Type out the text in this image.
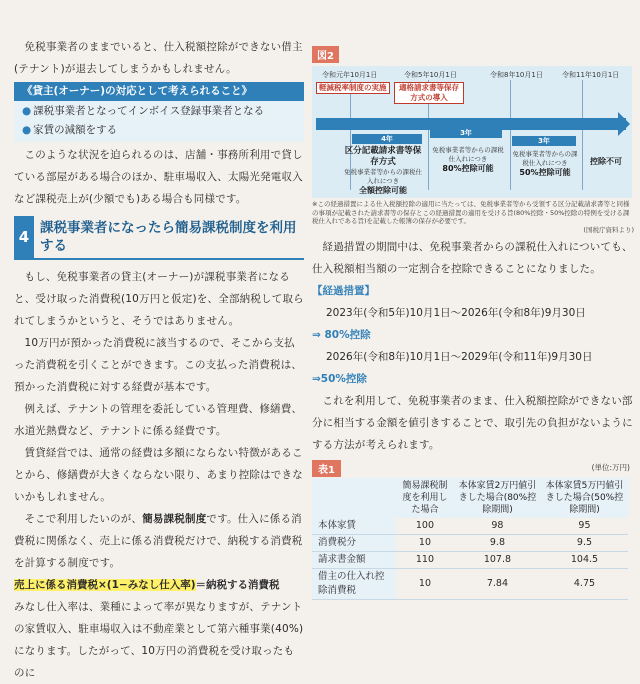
免税事業者のままでいると、仕入税額控除ができない借主(テナント)が退去してしまうかもしれません。

《貸主(オーナー)の対応として考えられること》
● 課税事業者となってインボイス登録事業者となる
● 家賃の減額をする

このような状況を迫られるのは、店舗・事務所利用で貸している部屋がある場合のほか、駐車場収入、太陽光発電収入など課税売上が(少額でも)ある場合も同様です。

4 課税事業者になったら簡易課税制度を利用する

もし、免税事業者の貸主(オーナー)が課税事業者になると、受け取った消費税(10万円と仮定)を、全部納税して取られてしまうかというと、そうではありません。

10万円が預かった消費税に該当するので、そこから支払った消費税を引くことができます。この支払った消費税は、預かった消費税に対する経費が基本です。

例えば、テナントの管理を委託している管理費、修繕費、水道光熱費など、テナントに係る経費です。

賃貸経営では、通常の経費は多額にならない特徴があることから、修繕費が大きくならない限り、あまり控除はできないかもしれません。

そこで利用したいのが、簡易課税制度です。仕入に係る消費税に関係なく、売上に係る消費税だけで、納税する消費税を計算する制度です。

売上に係る消費税×(1−みなし仕入率)＝納税する消費税

みなし仕入率は、業種によって率が異なりますが、テナントの家賃収入、駐車場収入は不動産業として第六種事業(40%)になります。したがって、10万円の消費税を受け取ったものに

図2
令和元年10月1日	令和5年10月1日	令和8年10月1日	令和11年10月1日
軽減税率制度の実施	適格請求書等保存方式の導入
4年
3年
3年
区分記載請求書等保存方式
免税事業者等からの課税仕入れにつき
全額控除可能
免税事業者等からの課税仕入れにつき
80%控除可能
免税事業者等からの課税仕入れにつき
50%控除可能
控除不可

※この経過措置による仕入税額控除の適用に当たっては、免税事業者等から受領する区分記載請求書等と同様の事項が記載された請求書等の保存とこの経過措置の適用を受ける旨(80%控除・50%控除の特例を受ける課税仕入れである旨)を記載した帳簿の保存が必要です。

(国税庁資料より)

経過措置の期間中は、免税事業者からの課税仕入れについても、仕入税額相当額の一定割合を控除できることになりました。

【経過措置】

2023年(令和5年)10月1日〜2026年(令和8年)9月30日

⇒ 80%控除

2026年(令和8年)10月1日〜2029年(令和11年)9月30日

⇒50%控除

これを利用して、免税事業者のまま、仕入税額控除ができない部分に相当する金額を値引きすることで、取引先の負担がないようにする方法が考えられます。

表1	(単位:万円)
	簡易課税制度を利用した場合	本体家賃2万円値引きした場合(80%控除期間)	本体家賃5万円値引きした場合(50%控除期間)
本体家賃	100	98	95
消費税分	10	9.8	9.5
請求書金額	110	107.8	104.5
借主の仕入れ控除消費税	10	7.84	4.75
